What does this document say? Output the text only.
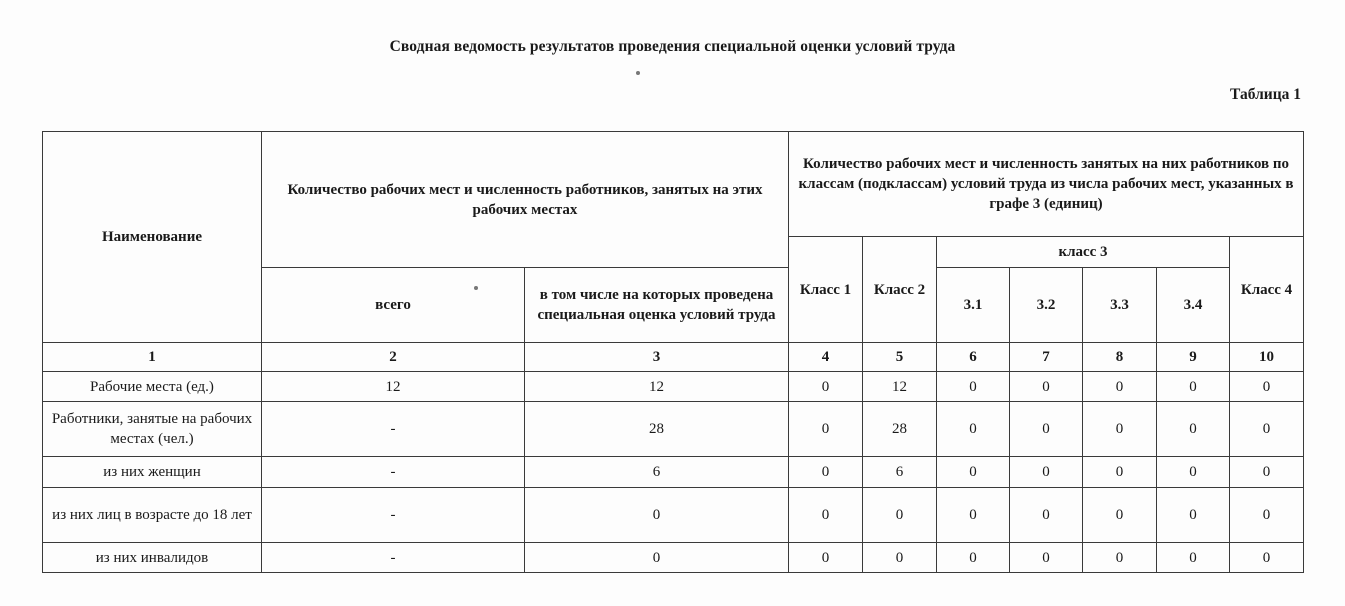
Сводная ведомость результатов проведения специальной оценки условий труда
Таблица 1
Наименование	Количество рабочих мест и численность работников, занятых на этих рабочих местах		Количество рабочих мест и численность занятых на них работников по классам (подклассам) условий труда из числа рабочих мест, указанных в графе 3 (единиц)						
			Класс 1	Класс 2	класс 3				Класс 4
	всего	в том числе на которых проведена специальная оценка условий труда			3.1	3.2	3.3	3.4	
1	2	3	4	5	6	7	8	9	10
Рабочие места (ед.)	12	12	0	12	0	0	0	0	0
Работники, занятые на рабочих местах (чел.)	-	28	0	28	0	0	0	0	0
из них женщин	-	6	0	6	0	0	0	0	0
из них лиц в возрасте до 18 лет	-	0	0	0	0	0	0	0	0
из них инвалидов	-	0	0	0	0	0	0	0	0
